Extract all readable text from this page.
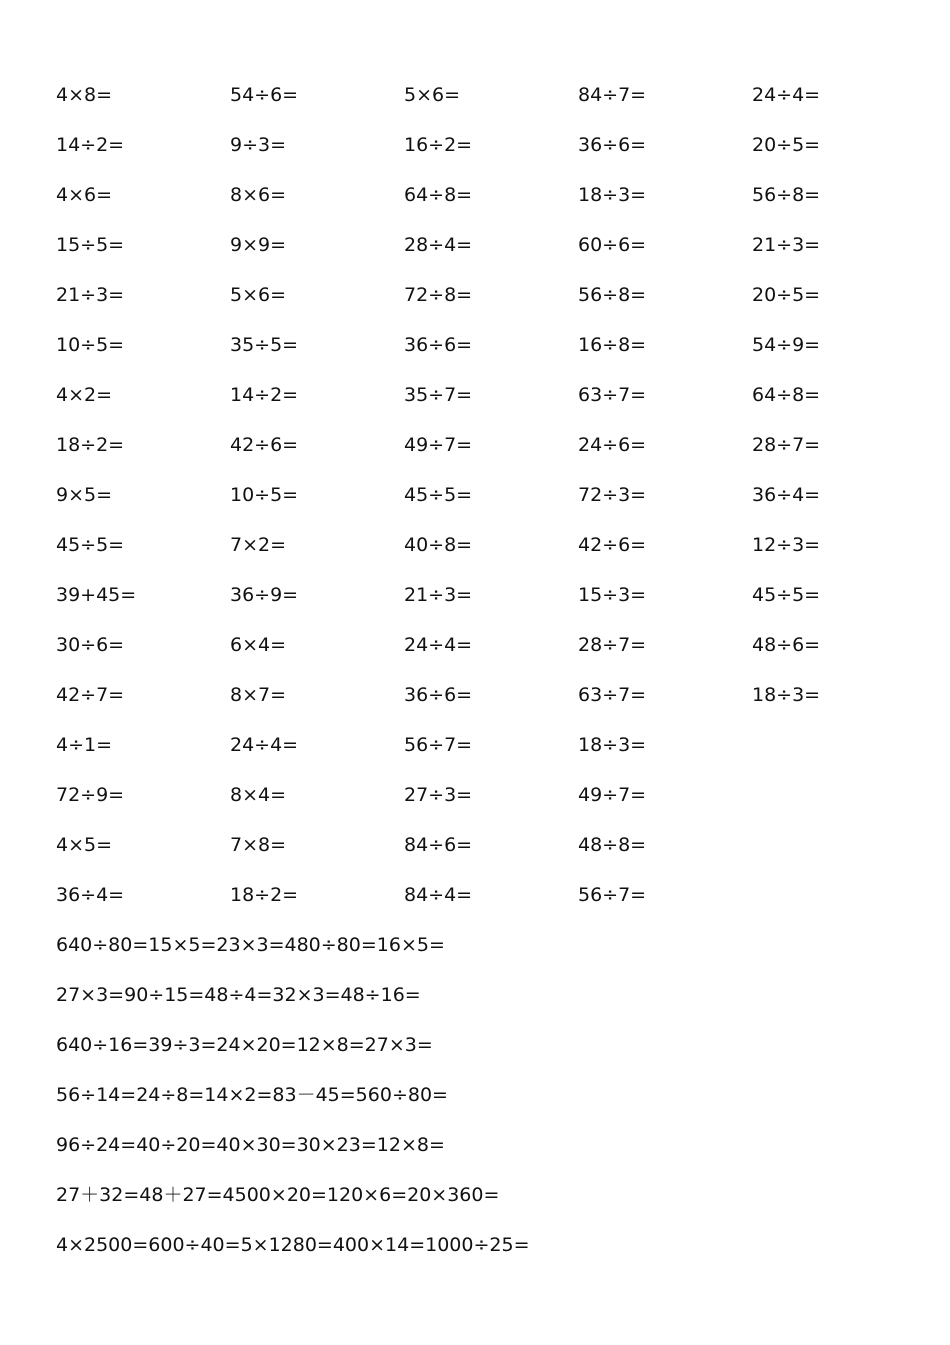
4×8=	54÷6=	5×6=	84÷7=	24÷4=
14÷2=	9÷3=	16÷2=	36÷6=	20÷5=
4×6=	8×6=	64÷8=	18÷3=	56÷8=
15÷5=	9×9=	28÷4=	60÷6=	21÷3=
21÷3=	5×6=	72÷8=	56÷8=	20÷5=
10÷5=	35÷5=	36÷6=	16÷8=	54÷9=
4×2=	14÷2=	35÷7=	63÷7=	64÷8=
18÷2=	42÷6=	49÷7=	24÷6=	28÷7=
9×5=	10÷5=	45÷5=	72÷3=	36÷4=
45÷5=	7×2=	40÷8=	42÷6=	12÷3=
39+45=	36÷9=	21÷3=	15÷3=	45÷5=
30÷6=	6×4=	24÷4=	28÷7=	48÷6=
42÷7=	8×7=	36÷6=	63÷7=	18÷3=
4÷1=	24÷4=	56÷7=	18÷3=
72÷9=	8×4=	27÷3=	49÷7=
4×5=	7×8=	84÷6=	48÷8=
36÷4=	18÷2=	84÷4=	56÷7=
640÷80=15×5=23×3=480÷80=16×5=
27×3=90÷15=48÷4=32×3=48÷16=
640÷16=39÷3=24×20=12×8=27×3=
56÷14=24÷8=14×2=83－45=560÷80=
96÷24=40÷20=40×30=30×23=12×8=
27＋32=48＋27=4500×20=120×6=20×360=
4×2500=600÷40=5×1280=400×14=1000÷25=
